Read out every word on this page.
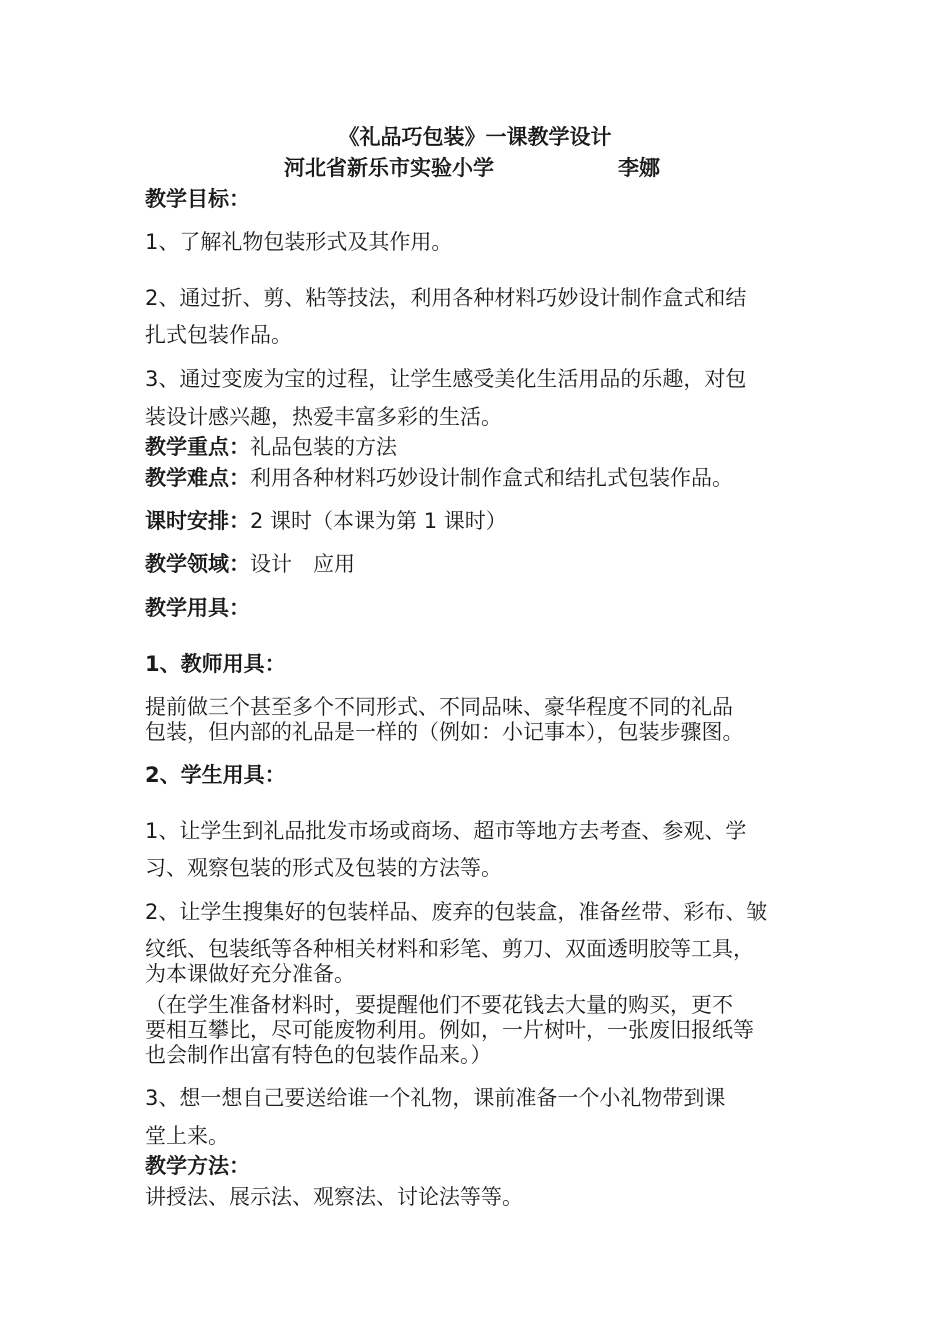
《礼品巧包装》一课教学设计
河北省新乐市实验小学	李娜
教学目标：
1、了解礼物包装形式及其作用。
2、通过折、剪、粘等技法，利用各种材料巧妙设计制作盒式和结
扎式包装作品。
3、通过变废为宝的过程，让学生感受美化生活用品的乐趣，对包
装设计感兴趣，热爱丰富多彩的生活。
教学重点：礼品包装的方法
教学难点：利用各种材料巧妙设计制作盒式和结扎式包装作品。
课时安排：2 课时（本课为第 1 课时）
教学领域：设计　应用
教学用具：
1、教师用具：
提前做三个甚至多个不同形式、不同品味、豪华程度不同的礼品
包装，但内部的礼品是一样的（例如：小记事本），包装步骤图。
2、学生用具：
1、让学生到礼品批发市场或商场、超市等地方去考查、参观、学
习、观察包装的形式及包装的方法等。
2、让学生搜集好的包装样品、废弃的包装盒，准备丝带、彩布、皱
纹纸、包装纸等各种相关材料和彩笔、剪刀、双面透明胶等工具，
为本课做好充分准备。
（在学生准备材料时，要提醒他们不要花钱去大量的购买，更不
要相互攀比，尽可能废物利用。例如，一片树叶，一张废旧报纸等
也会制作出富有特色的包装作品来。）
3、想一想自己要送给谁一个礼物，课前准备一个小礼物带到课
堂上来。
教学方法：
讲授法、展示法、观察法、讨论法等等。
